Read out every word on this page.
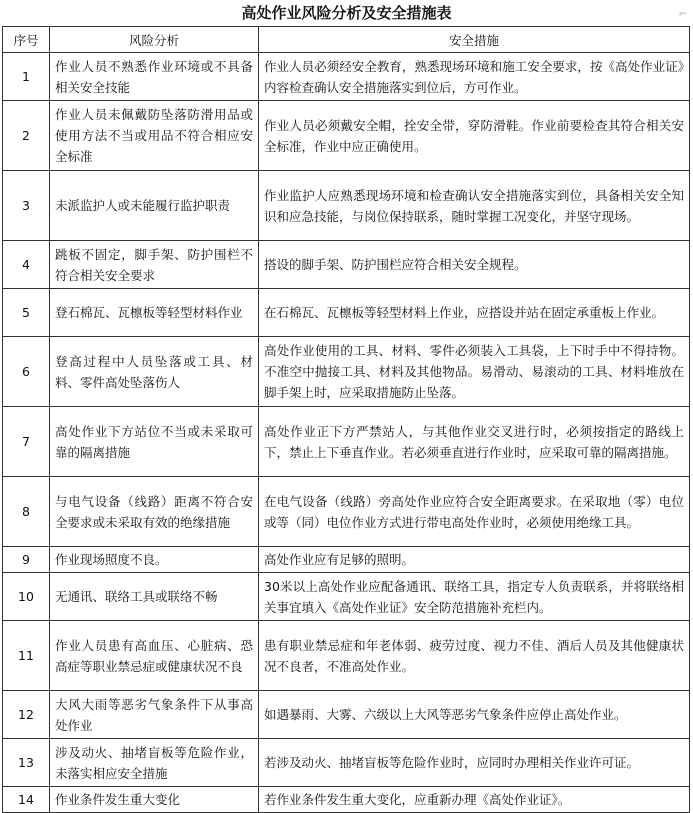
高处作业风险分析及安全措施表	⌐
序号	风险分析	安全措施
1	作业人员不熟悉作业环境或不具备相关安全技能	作业人员必须经安全教育，熟悉现场环境和施工安全要求，按《高处作业证》内容检查确认安全措施落实到位后，方可作业。
2	作业人员未佩戴防坠落防滑用品或使用方法不当或用品不符合相应安全标准	作业人员必须戴安全帽，拴安全带，穿防滑鞋。作业前要检查其符合相关安全标准，作业中应正确使用。
3	未派监护人或未能履行监护职责	作业监护人应熟悉现场环境和检查确认安全措施落实到位，具备相关安全知识和应急技能，与岗位保持联系，随时掌握工况变化，并坚守现场。
4	跳板不固定，脚手架、防护围栏不符合相关安全要求	搭设的脚手架、防护围栏应符合相关安全规程。
5	登石棉瓦、瓦檩板等轻型材料作业	在石棉瓦、瓦檩板等轻型材料上作业，应搭设并站在固定承重板上作业。
6	登高过程中人员坠落或工具、材料、零件高处坠落伤人	高处作业使用的工具、材料、零件必须装入工具袋，上下时手中不得持物。不准空中抛接工具、材料及其他物品。易滑动、易滚动的工具、材料堆放在脚手架上时，应采取措施防止坠落。
7	高处作业下方站位不当或未采取可靠的隔离措施	高处作业正下方严禁站人，与其他作业交叉进行时，必须按指定的路线上下，禁止上下垂直作业。若必须垂直进行作业时，应采取可靠的隔离措施。
8	与电气设备（线路）距离不符合安全要求或未采取有效的绝缘措施	在电气设备（线路）旁高处作业应符合安全距离要求。在采取地（零）电位或等（同）电位作业方式进行带电高处作业时，必须使用绝缘工具。
9	作业现场照度不良。	高处作业应有足够的照明。
10	无通讯、联络工具或联络不畅	30米以上高处作业应配备通讯、联络工具，指定专人负责联系，并将联络相关事宜填入《高处作业证》安全防范措施补充栏内。
11	作业人员患有高血压、心脏病、恐高症等职业禁忌症或健康状况不良	患有职业禁忌症和年老体弱、疲劳过度、视力不佳、酒后人员及其他健康状况不良者，不准高处作业。
12	大风大雨等恶劣气象条件下从事高处作业	如遇暴雨、大雾、六级以上大风等恶劣气象条件应停止高处作业。
13	涉及动火、抽堵盲板等危险作业，未落实相应安全措施	若涉及动火、抽堵盲板等危险作业时，应同时办理相关作业许可证。
14	作业条件发生重大变化	若作业条件发生重大变化，应重新办理《高处作业证》。
